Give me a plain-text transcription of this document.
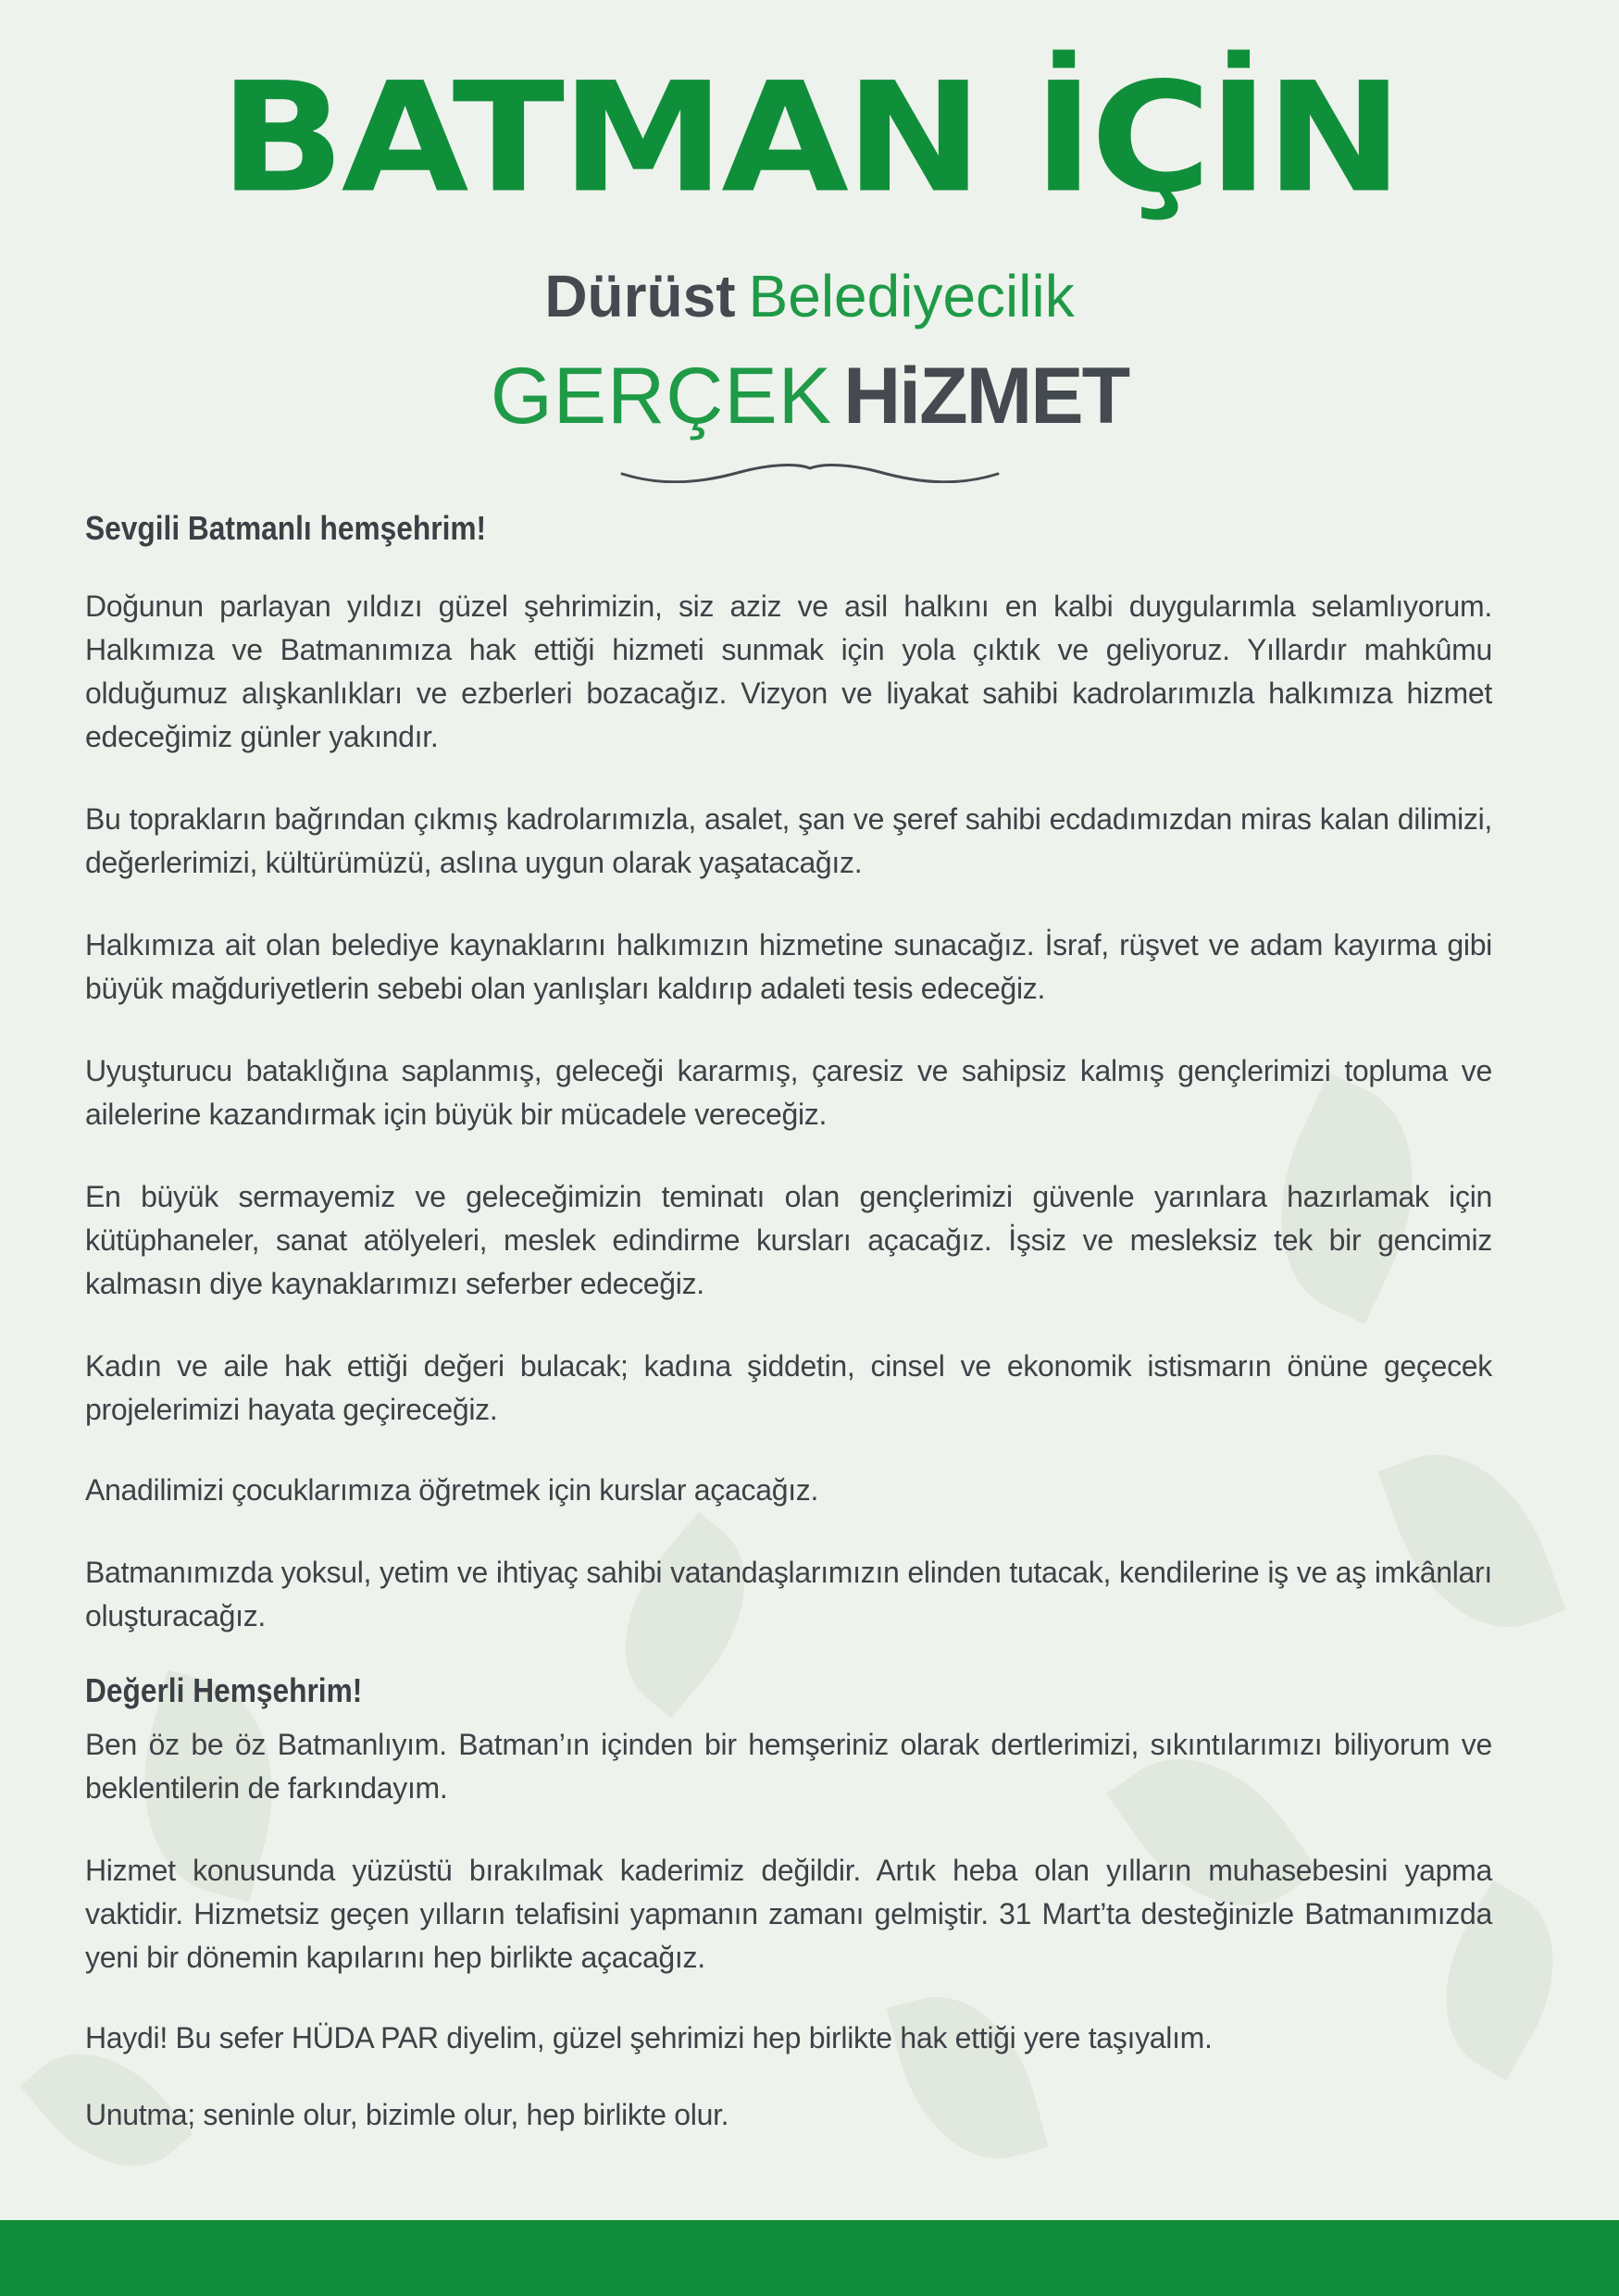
BATMAN İÇİN
Dürüst Belediyecilik
GERÇEK HiZMET
Sevgili Batmanlı hemşehrim!

Doğunun parlayan yıldızı güzel şehrimizin, siz aziz ve asil halkını en kalbi duygularımla selamlıyorum. Halkımıza ve Batmanımıza hak ettiği hizmeti sunmak için yola çıktık ve geliyoruz. Yıllardır mahkûmu olduğumuz alışkanlıkları ve ezberleri bozacağız. Vizyon ve liyakat sahibi kadrolarımızla halkımıza hizmet edeceğimiz günler yakındır.

Bu toprakların bağrından çıkmış kadrolarımızla, asalet, şan ve şeref sahibi ecdadımızdan miras kalan dilimizi, değerlerimizi, kültürümüzü, aslına uygun olarak yaşatacağız.

Halkımıza ait olan belediye kaynaklarını halkımızın hizmetine sunacağız. İsraf, rüşvet ve adam kayırma gibi büyük mağduriyetlerin sebebi olan yanlışları kaldırıp adaleti tesis edeceğiz.

Uyuşturucu bataklığına saplanmış, geleceği kararmış, çaresiz ve sahipsiz kalmış gençlerimizi topluma ve ailelerine kazandırmak için büyük bir mücadele vereceğiz.

En büyük sermayemiz ve geleceğimizin teminatı olan gençlerimizi güvenle yarınlara hazırlamak için kütüphaneler, sanat atölyeleri, meslek edindirme kursları açacağız. İşsiz ve mesleksiz tek bir gencimiz kalmasın diye kaynaklarımızı seferber edeceğiz.

Kadın ve aile hak ettiği değeri bulacak; kadına şiddetin, cinsel ve ekonomik istismarın önüne geçecek projelerimizi hayata geçireceğiz.

Anadilimizi çocuklarımıza öğretmek için kurslar açacağız.

Batmanımızda yoksul, yetim ve ihtiyaç sahibi vatandaşlarımızın elinden tutacak, kendilerine iş ve aş imkânları oluşturacağız.

Değerli Hemşehrim!

Ben öz be öz Batmanlıyım. Batman’ın içinden bir hemşeriniz olarak dertlerimizi, sıkıntılarımızı biliyorum ve beklentilerin de farkındayım.

Hizmet konusunda yüzüstü bırakılmak kaderimiz değildir. Artık heba olan yılların muhasebesini yapma vaktidir. Hizmetsiz geçen yılların telafisini yapmanın zamanı gelmiştir. 31 Mart’ta desteğinizle Batmanımızda yeni bir dönemin kapılarını hep birlikte açacağız.

Haydi! Bu sefer HÜDA PAR diyelim, güzel şehrimizi hep birlikte hak ettiği yere taşıyalım.

Unutma; seninle olur, bizimle olur, hep birlikte olur.
